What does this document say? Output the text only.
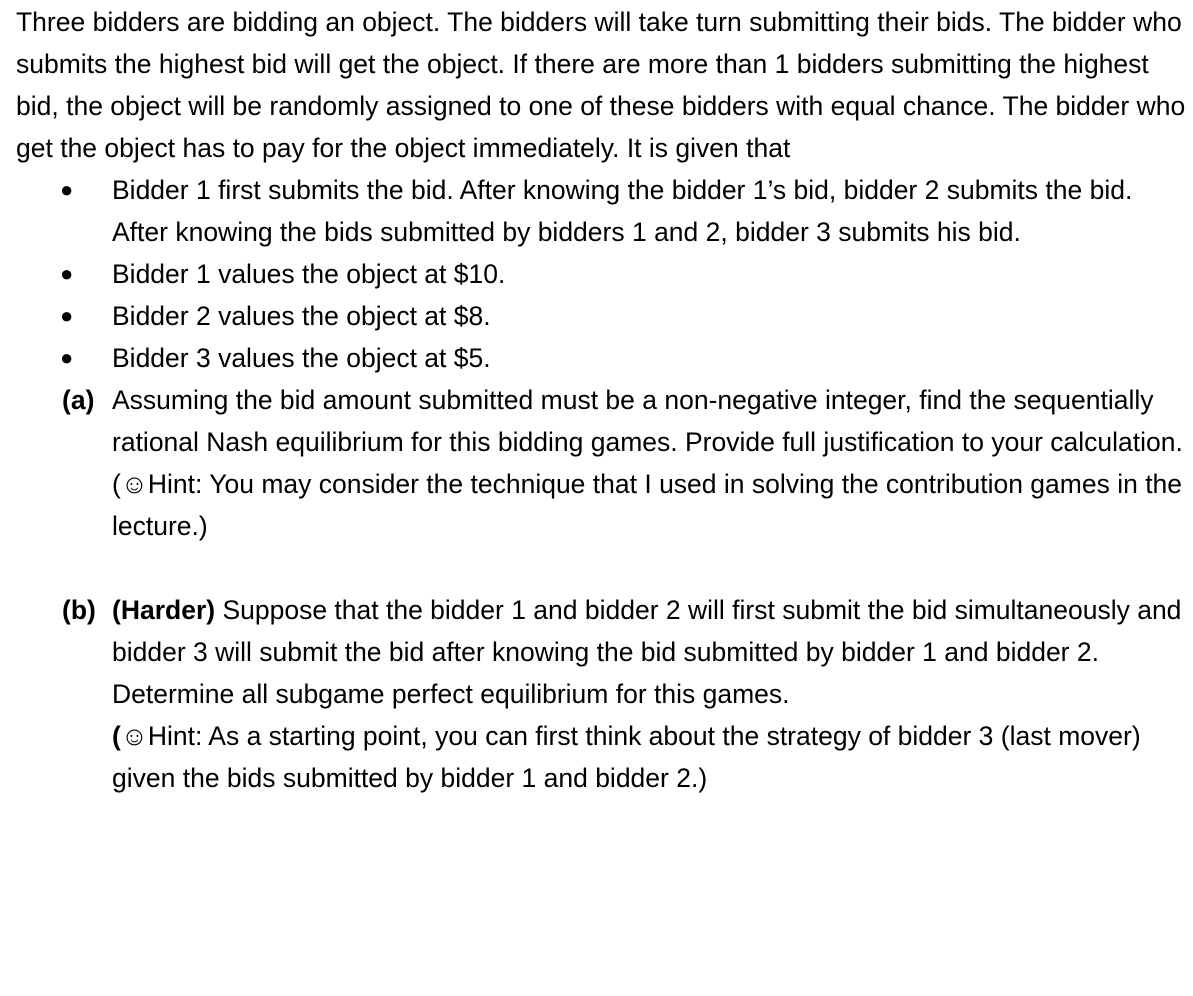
Three bidders are bidding an object. The bidders will take turn submitting their bids. The bidder who submits the highest bid will get the object. If there are more than 1 bidders submitting the highest bid, the object will be randomly assigned to one of these bidders with equal chance. The bidder who get the object has to pay for the object immediately. It is given that

● Bidder 1 first submits the bid. After knowing the bidder 1’s bid, bidder 2 submits the bid. After knowing the bids submitted by bidders 1 and 2, bidder 3 submits his bid.
● Bidder 1 values the object at $10.
● Bidder 2 values the object at $8.
● Bidder 3 values the object at $5.
(a) Assuming the bid amount submitted must be a non-negative integer, find the sequentially rational Nash equilibrium for this bidding games. Provide full justification to your calculation.
(☺Hint: You may consider the technique that I used in solving the contribution games in the lecture.)
(b) (Harder) Suppose that the bidder 1 and bidder 2 will first submit the bid simultaneously and bidder 3 will submit the bid after knowing the bid submitted by bidder 1 and bidder 2. Determine all subgame perfect equilibrium for this games.
(☺Hint: As a starting point, you can first think about the strategy of bidder 3 (last mover) given the bids submitted by bidder 1 and bidder 2.)
